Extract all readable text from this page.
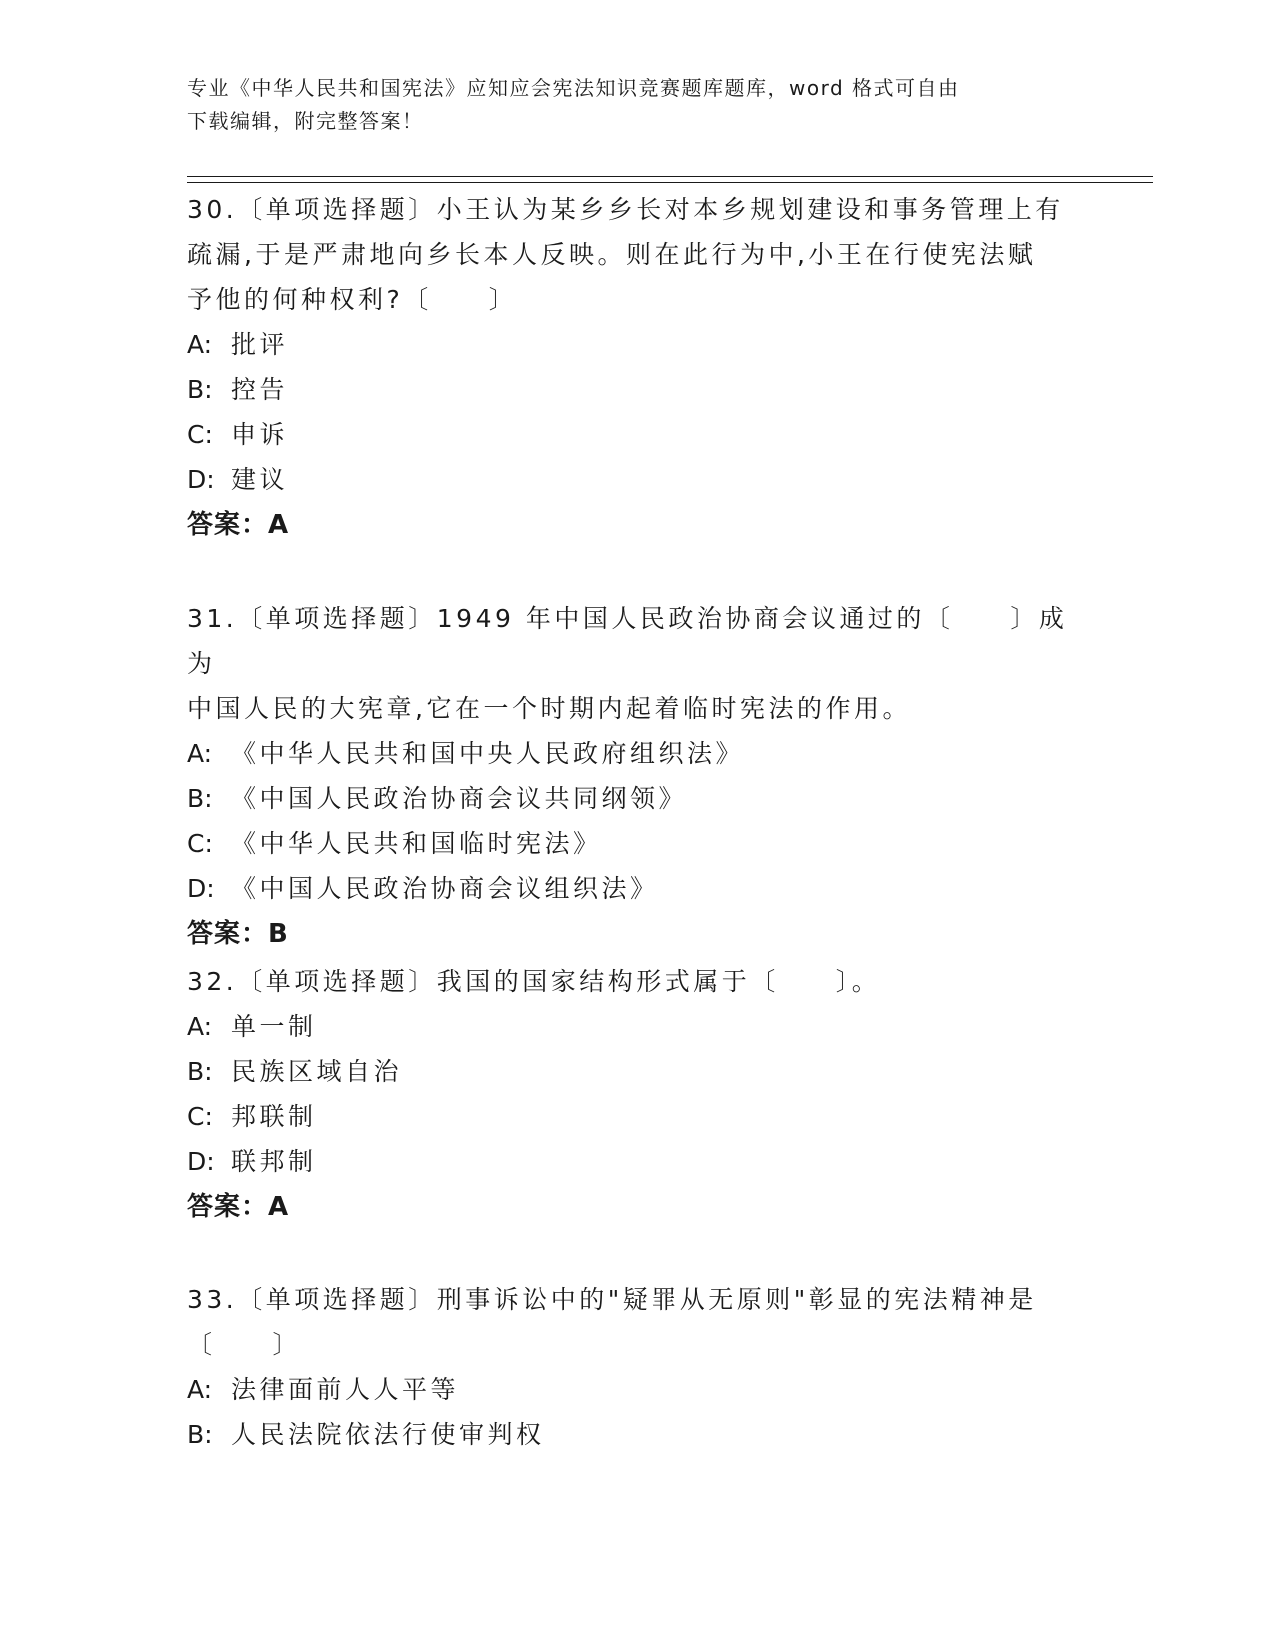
专业《中华人民共和国宪法》应知应会宪法知识竞赛题库题库，word 格式可自由
下载编辑，附完整答案！

30.〔单项选择题〕小王认为某乡乡长对本乡规划建设和事务管理上有

疏漏,于是严肃地向乡长本人反映。则在此行为中,小王在行使宪法赋

予他的何种权利?〔　　〕

A: 批评

B: 控告

C: 申诉

D: 建议

答案：A

31.〔单项选择题〕1949 年中国人民政治协商会议通过的〔　　〕成为

中国人民的大宪章,它在一个时期内起着临时宪法的作用。

A: 《中华人民共和国中央人民政府组织法》

B: 《中国人民政治协商会议共同纲领》

C: 《中华人民共和国临时宪法》

D: 《中国人民政治协商会议组织法》

答案：B

32.〔单项选择题〕我国的国家结构形式属于〔　　〕。

A: 单一制

B: 民族区域自治

C: 邦联制

D: 联邦制

答案：A

33.〔单项选择题〕刑事诉讼中的"疑罪从无原则"彰显的宪法精神是

〔　　〕

A: 法律面前人人平等

B: 人民法院依法行使审判权
